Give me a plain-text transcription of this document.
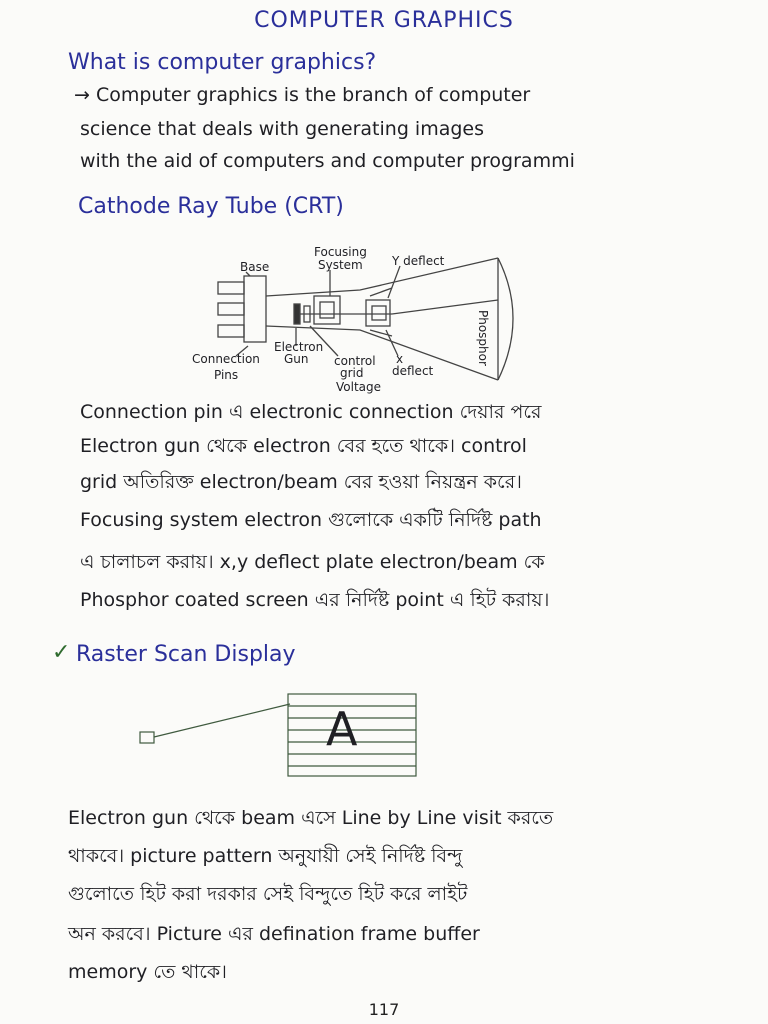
COMPUTER GRAPHICS
What is computer graphics?
→ Computer graphics is the branch of computer
science that deals with generating images
with the aid of computers and computer programmi
Cathode Ray Tube (CRT)
Base
Focusing
System Y deflect
Phosphor
Electron
Gun
Connection
Pins
control
grid
Voltage
x
deflect
Connection pin এ electronic connection দেয়ার পরে
Electron gun থেকে electron বের হতে থাকে। control
grid অতিরিক্ত electron/beam বের হওয়া নিয়ন্ত্রন করে।
Focusing system electron গুলোকে একটি নির্দিষ্ট path
এ চালাচল করায়। x,y deflect plate electron/beam কে
Phosphor coated screen এর নির্দিষ্ট point এ হিট করায়।
✓ Raster Scan Display
A
Electron gun থেকে beam এসে Line by Line visit করতে
থাকবে। picture pattern অনুযায়ী সেই নির্দিষ্ট বিন্দু
গুলোতে হিট করা দরকার সেই বিন্দুতে হিট করে লাইট
অন করবে। Picture এর defination frame buffer
memory তে থাকে।
117
